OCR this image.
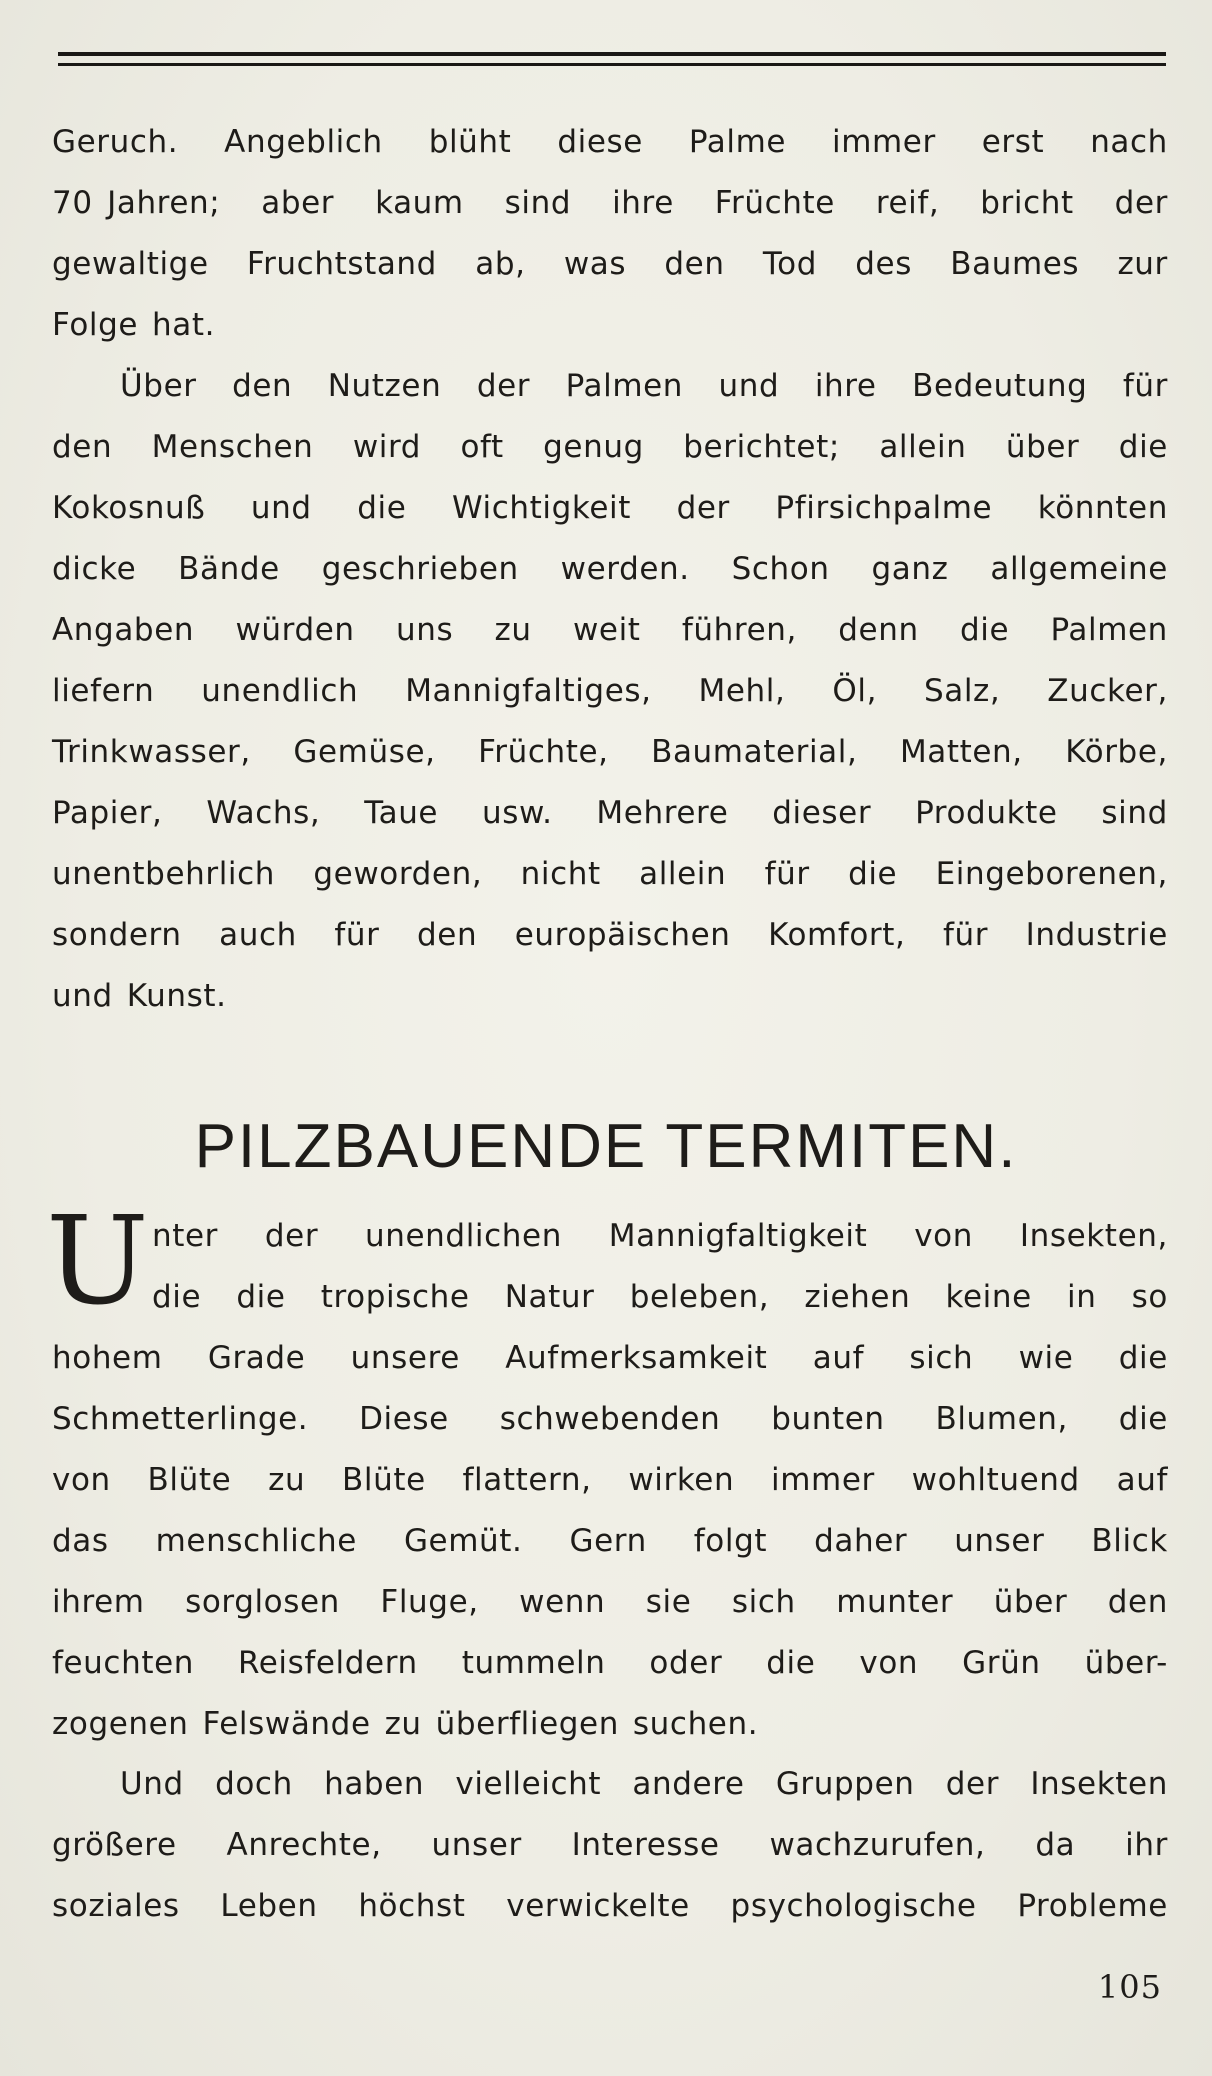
Geruch. Angeblich blüht diese Palme immer erst nach
70 Jahren; aber kaum sind ihre Früchte reif, bricht der
gewaltige Fruchtstand ab, was den Tod des Baumes zur
Folge hat.
Über den Nutzen der Palmen und ihre Bedeutung für
den Menschen wird oft genug berichtet; allein über die
Kokosnuß und die Wichtigkeit der Pfirsichpalme könnten
dicke Bände geschrieben werden. Schon ganz allgemeine
Angaben würden uns zu weit führen, denn die Palmen
liefern unendlich Mannigfaltiges, Mehl, Öl, Salz, Zucker,
Trinkwasser, Gemüse, Früchte, Baumaterial, Matten, Körbe,
Papier, Wachs, Taue usw. Mehrere dieser Produkte sind
unentbehrlich geworden, nicht allein für die Eingeborenen,
sondern auch für den europäischen Komfort, für Industrie
und Kunst.
PILZBAUENDE TERMITEN.
U nter der unendlichen Mannigfaltigkeit von Insekten,
die die tropische Natur beleben, ziehen keine in so
hohem Grade unsere Aufmerksamkeit auf sich wie die
Schmetterlinge. Diese schwebenden bunten Blumen, die
von Blüte zu Blüte flattern, wirken immer wohltuend auf
das menschliche Gemüt. Gern folgt daher unser Blick
ihrem sorglosen Fluge, wenn sie sich munter über den
feuchten Reisfeldern tummeln oder die von Grün über-
zogenen Felswände zu überfliegen suchen.
Und doch haben vielleicht andere Gruppen der Insekten
größere Anrechte, unser Interesse wachzurufen, da ihr
soziales Leben höchst verwickelte psychologische Probleme
105
